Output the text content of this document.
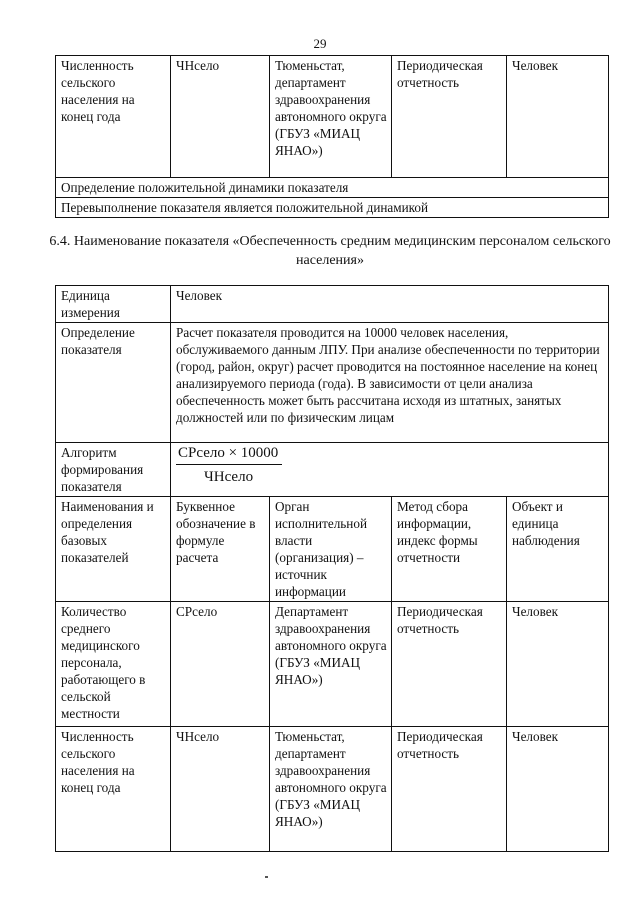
29
Численность сельского населения на конец года	ЧНсело	Тюменьстат, департамент здравоохранения автономного округа (ГБУЗ «МИАЦ ЯНАО»)	Периодическая отчетность	Человек
Определение положительной динамики показателя
Перевыполнение показателя является положительной динамикой
6.4. Наименование показателя «Обеспеченность средним медицинским персоналом сельского населения»
Единица измерения	Человек			
Определение показателя	Расчет показателя проводится на 10000 человек населения, обслуживаемого данным ЛПУ. При анализе обеспеченности по территории (город, район, округ) расчет проводится на постоянное население на конец анализируемого периода (года). В зависимости от цели анализа обеспеченность может быть рассчитана исходя из штатных, занятых должностей или по физическим лицам			
Алгоритм формирования показателя	СРсело × 10000
ЧНсело			

Наименования и определения базовых показателей	Буквенное обозначение в формуле расчета	Орган исполнительной власти (организация) – источник информации	Метод сбора информации, индекс формы отчетности	Объект и единица наблюдения
Количество среднего медицинского персонала, работающего в сельской местности	СРсело	Департамент здравоохранения автономного округа (ГБУЗ «МИАЦ ЯНАО»)	Периодическая отчетность	Человек
Численность сельского населения на конец года	ЧНсело	Тюменьстат, департамент здравоохранения автономного округа (ГБУЗ «МИАЦ ЯНАО»)	Периодическая отчетность	Человек
